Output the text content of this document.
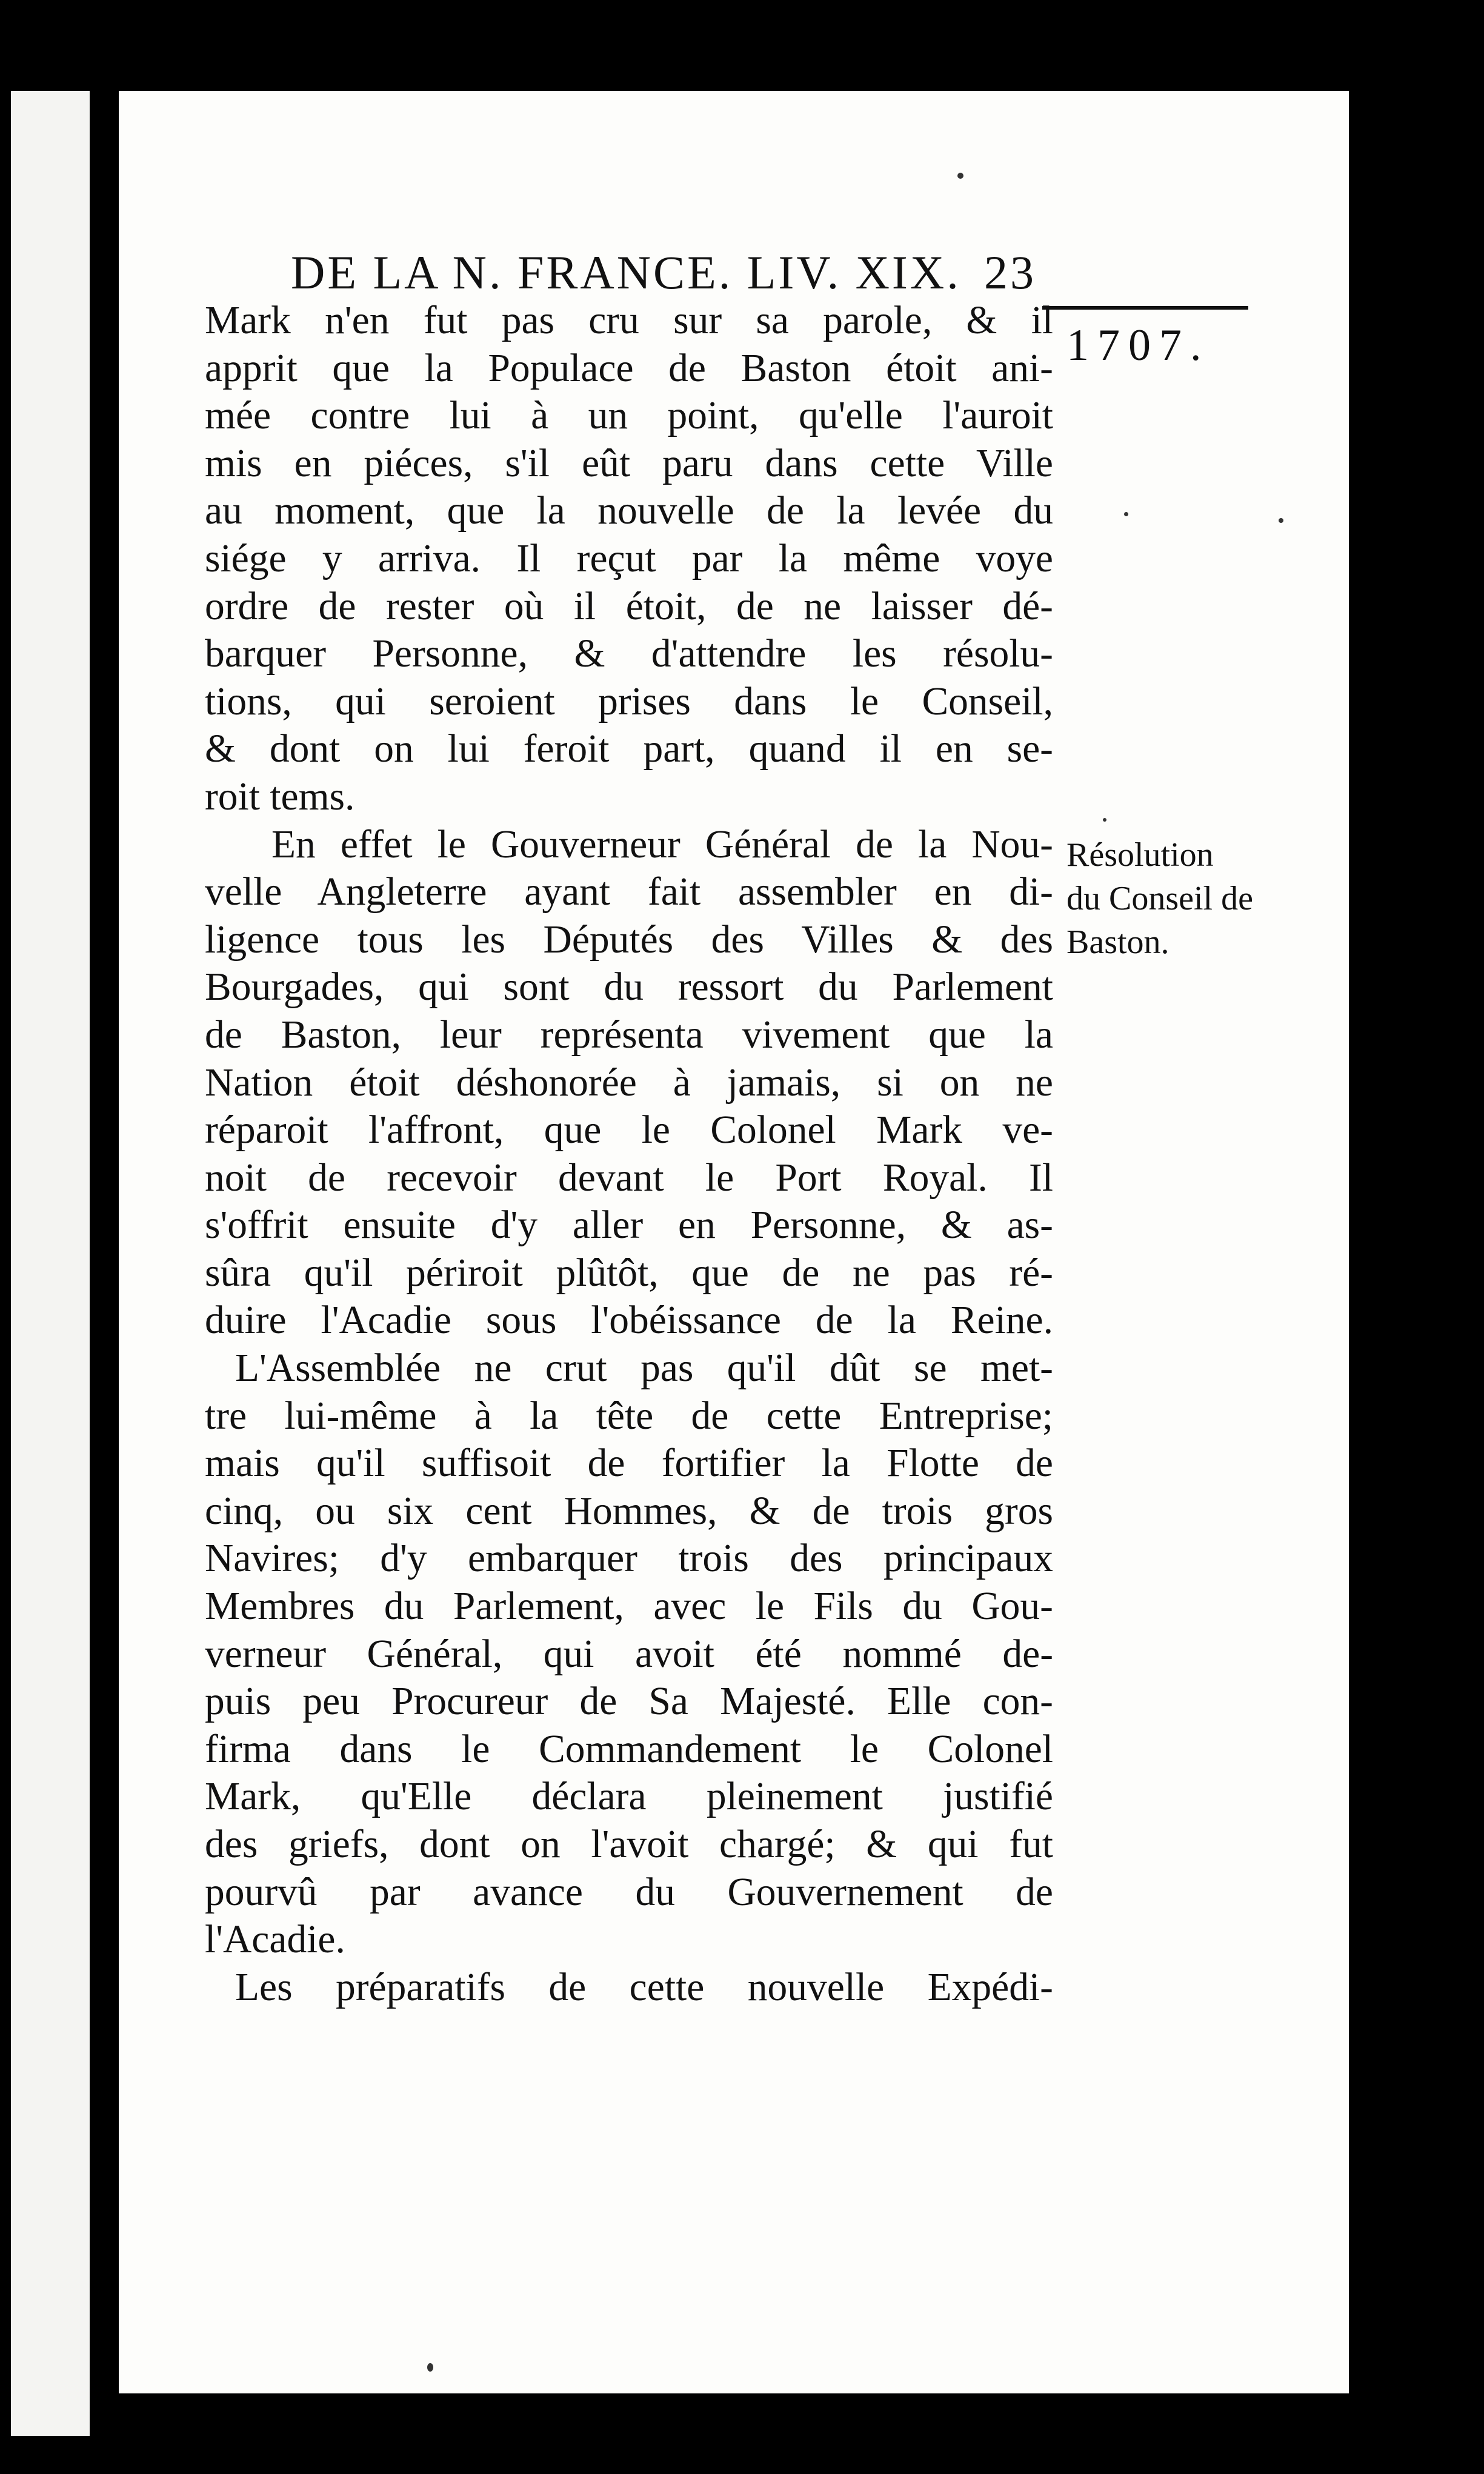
DE LA N. FRANCE. LIV. XIX. 23
1707.
Mark n'en fut pas cru sur sa parole, & il
apprit que la Populace de Baston étoit ani-
mée contre lui à un point, qu'elle l'auroit
mis en piéces, s'il eût paru dans cette Ville
au moment, que la nouvelle de la levée du
siége y arriva. Il reçut par la même voye
ordre de rester où il étoit, de ne laisser dé-
barquer Personne, & d'attendre les résolu-
tions, qui seroient prises dans le Conseil,
& dont on lui feroit part, quand il en se-
roit tems.
En effet le Gouverneur Général de la Nou-
velle Angleterre ayant fait assembler en di-
ligence tous les Députés des Villes & des
Bourgades, qui sont du ressort du Parlement
de Baston, leur représenta vivement que la
Nation étoit déshonorée à jamais, si on ne
réparoit l'affront, que le Colonel Mark ve-
noit de recevoir devant le Port Royal. Il
s'offrit ensuite d'y aller en Personne, & as-
sûra qu'il périroit plûtôt, que de ne pas ré-
duire l'Acadie sous l'obéissance de la Reine.
L'Assemblée ne crut pas qu'il dût se met-
tre lui-même à la tête de cette Entreprise;
mais qu'il suffisoit de fortifier la Flotte de
cinq, ou six cent Hommes, & de trois gros
Navires; d'y embarquer trois des principaux
Membres du Parlement, avec le Fils du Gou-
verneur Général, qui avoit été nommé de-
puis peu Procureur de Sa Majesté. Elle con-
firma dans le Commandement le Colonel
Mark, qu'Elle déclara pleinement justifié
des griefs, dont on l'avoit chargé; & qui fut
pourvû par avance du Gouvernement de
l'Acadie.
Les préparatifs de cette nouvelle Expédi-
Résolution
du Conseil de
Baston.
